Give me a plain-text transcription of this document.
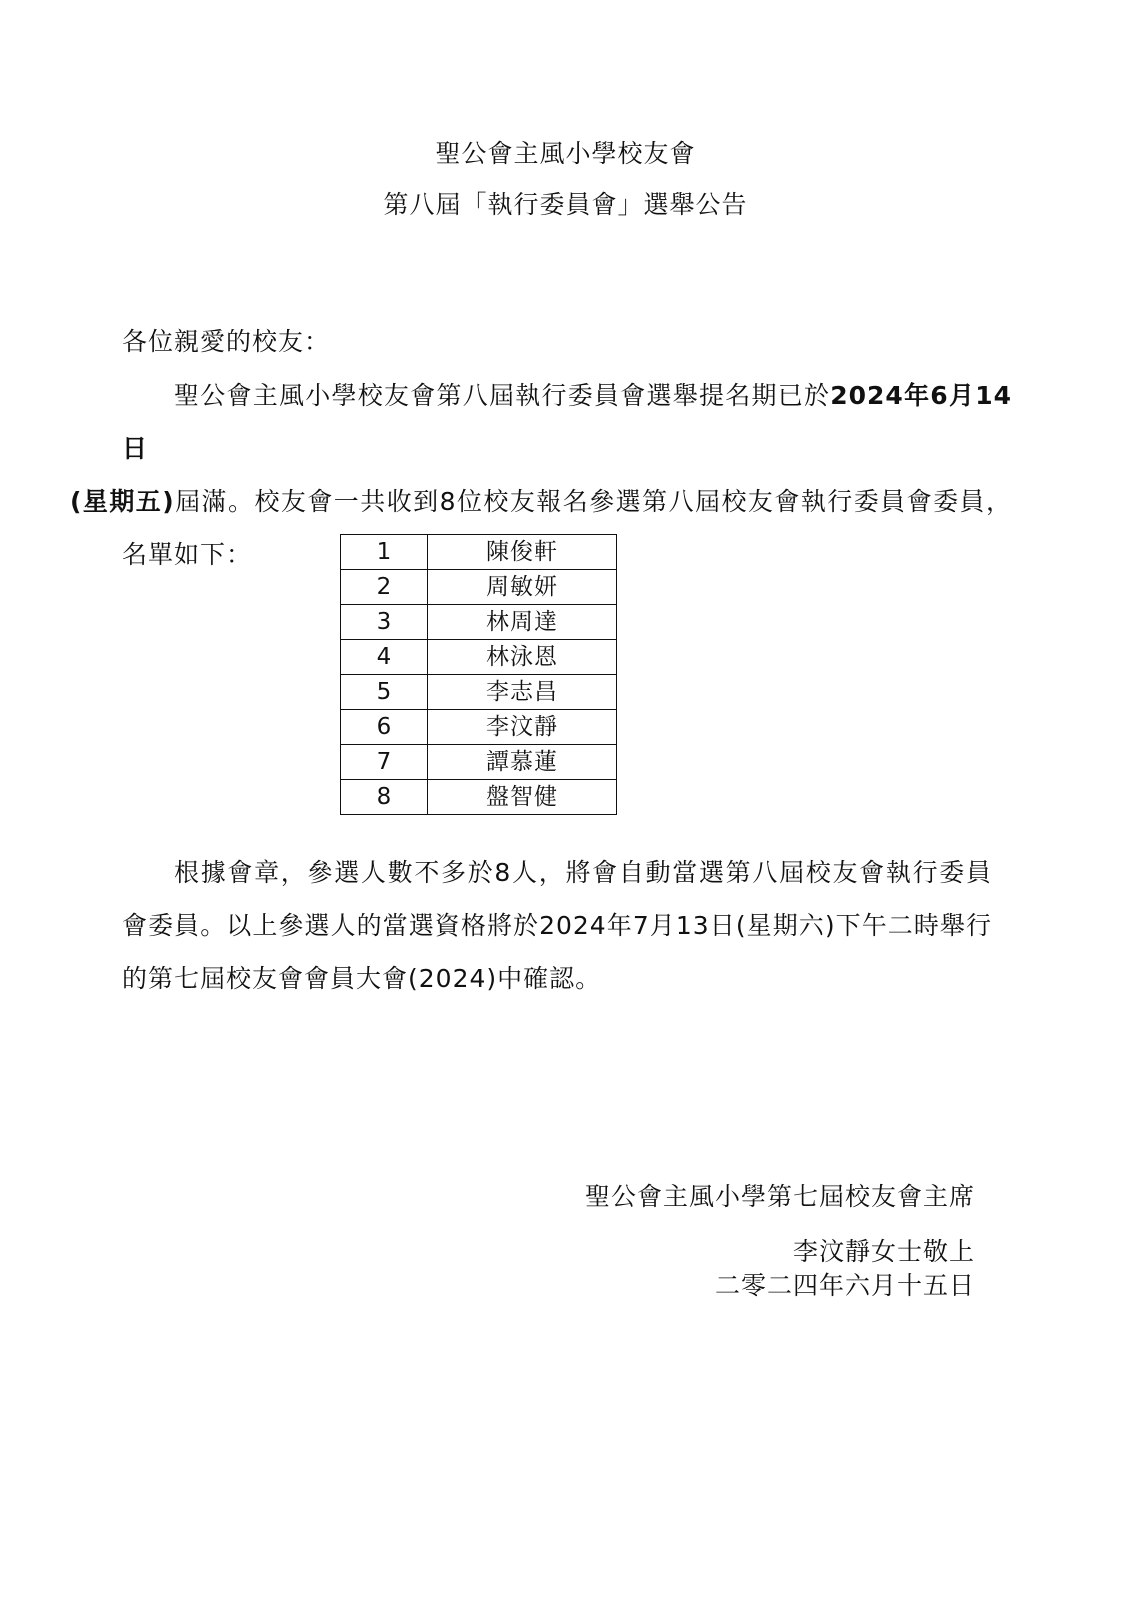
聖公會主風小學校友會
第八屆「執行委員會」選舉公告
各位親愛的校友：
聖公會主風小學校友會第八屆執行委員會選舉提名期已於2024年6月14日
(星期五)屆滿。校友會一共收到8位校友報名參選第八屆校友會執行委員會委員，名單如下：	1	陳俊軒
2	周敏妍
3	林周達
4	林泳恩
5	李志昌
6	李汶靜
7	譚慕蓮
8	盤智健
根據會章，參選人數不多於8人，將會自動當選第八屆校友會執行委員會委員。以上參選人的當選資格將於2024年7月13日(星期六)下午二時舉行的第七屆校友會會員大會(2024)中確認。
聖公會主風小學第七屆校友會主席
李汶靜女士敬上
二零二四年六月十五日
